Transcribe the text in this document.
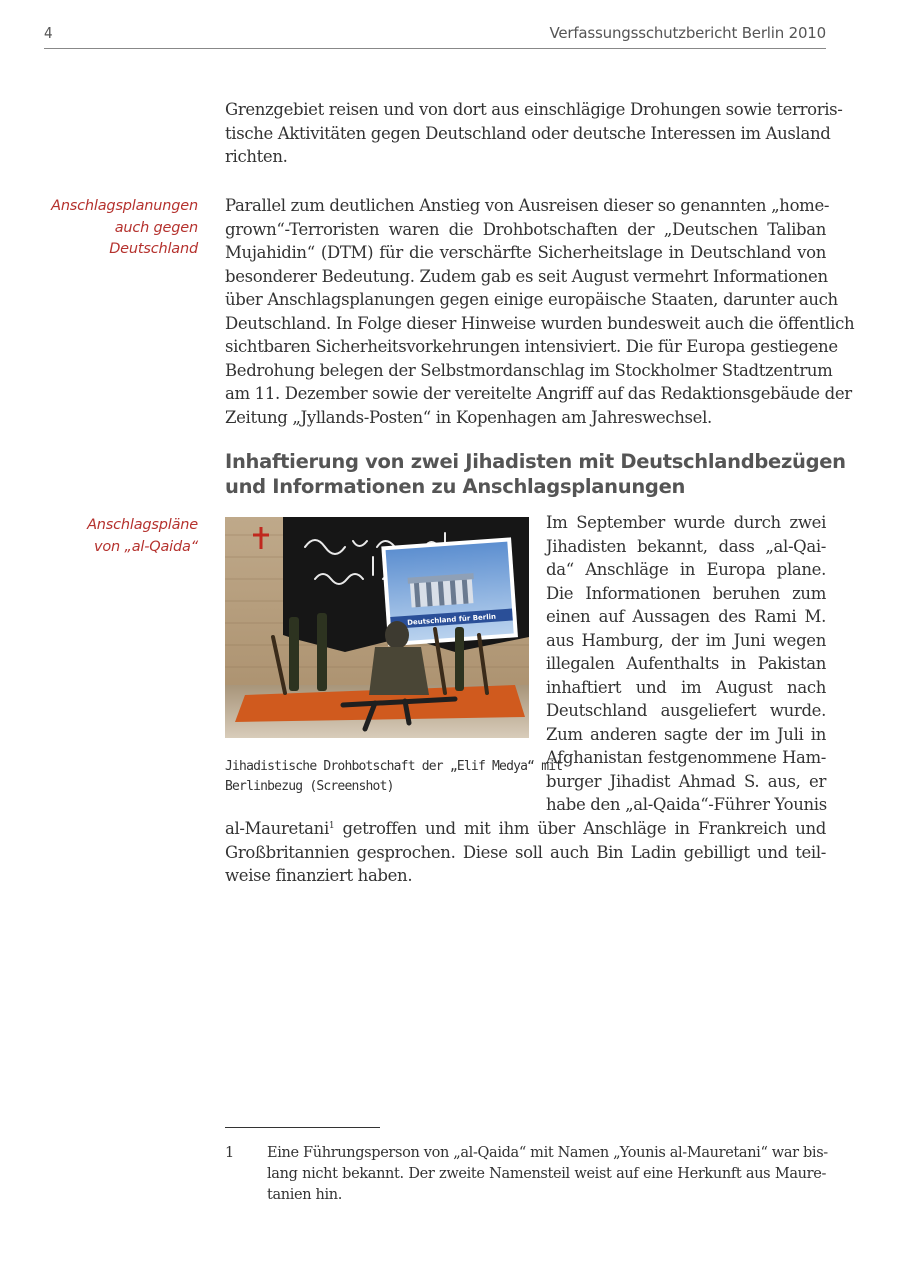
4	Verfassungsschutzbericht Berlin 2010
Grenzgebiet reisen und von dort aus einschlägige Drohungen sowie terroris-
tische Aktivitäten gegen Deutschland oder deutsche Interessen im Ausland
richten.
Anschlagsplanungen
auch gegen
Deutschland
Parallel zum deutlichen Anstieg von Ausreisen dieser so genannten „home-
grown“-Terroristen waren die Drohbotschaften der „Deutschen Taliban
Mujahidin“ (DTM) für die verschärfte Sicherheitslage in Deutschland von
besonderer Bedeutung. Zudem gab es seit August vermehrt Informationen
über Anschlagsplanungen gegen einige europäische Staaten, darunter auch
Deutschland. In Folge dieser Hinweise wurden bundesweit auch die öffentlich
sichtbaren Sicherheitsvorkehrungen intensiviert. Die für Europa gestiegene
Bedrohung belegen der Selbstmordanschlag im Stockholmer Stadtzentrum
am 11. Dezember sowie der vereitelte Angriff auf das Redaktionsgebäude der
Zeitung „Jyllands-Posten“ in Kopenhagen am Jahreswechsel.
Inhaftierung von zwei Jihadisten mit Deutschlandbezügen
und Informationen zu Anschlagsplanungen
Anschlagspläne
von „al-Qaida“
Deutschland für Berlin
Jihadistische Drohbotschaft der „Elif Medya“ mit
Berlinbezug (Screenshot)
Im September wurde durch zwei
Jihadisten bekannt, dass „al-Qai-
da“ Anschläge in Europa plane.
Die Informationen beruhen zum
einen auf Aussagen des Rami M.
aus Hamburg, der im Juni wegen
illegalen Aufenthalts in Pakistan
inhaftiert und im August nach
Deutschland ausgeliefert wurde.
Zum anderen sagte der im Juli in
Afghanistan festgenommene Ham-
burger Jihadist Ahmad S. aus, er
habe den „al-Qaida“-Führer Younis
al-Mauretani$^1$ getroffen und mit ihm über Anschläge in Frankreich und
Großbritannien gesprochen. Diese soll auch Bin Ladin gebilligt und teil-
weise finanziert haben.
1 Eine Führungsperson von „al-Qaida“ mit Namen „Younis al-Mauretani“ war bis-
lang nicht bekannt. Der zweite Namensteil weist auf eine Herkunft aus Maure-
tanien hin.
